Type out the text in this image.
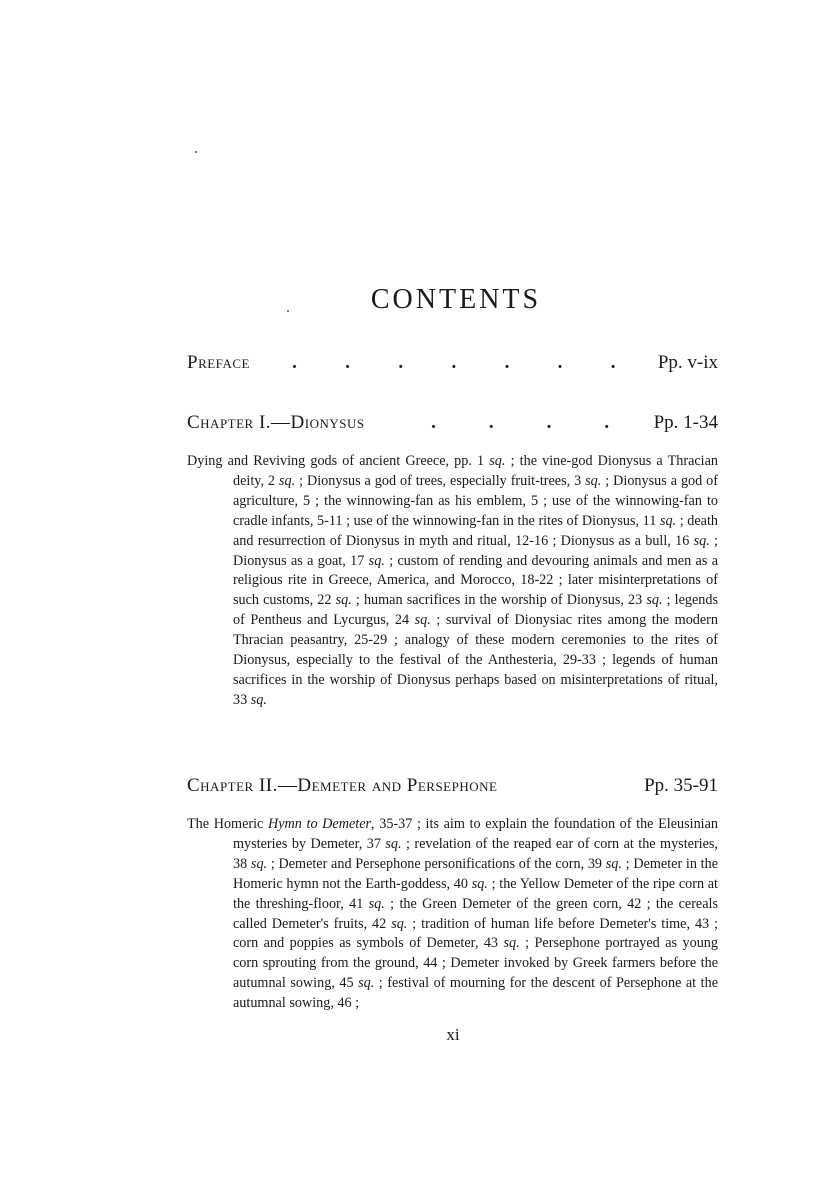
CONTENTS
Preface .	.	.	.	.	.	. Pp. v-ix
Chapter I.—Dionysus	.	.	.	. Pp. 1-34
Dying and Reviving gods of ancient Greece, pp. 1 sq. ; the vine-god Dionysus a Thracian deity, 2 sq. ; Dionysus a god of trees, especially fruit-trees, 3 sq. ; Dionysus a god of agriculture, 5 ; the winnowing-fan as his emblem, 5 ; use of the winnowing-fan to cradle infants, 5-11 ; use of the winnowing-fan in the rites of Dionysus, 11 sq. ; death and resurrection of Dionysus in myth and ritual, 12-16 ; Dionysus as a bull, 16 sq. ; Dionysus as a goat, 17 sq. ; custom of rending and devouring animals and men as a religious rite in Greece, America, and Morocco, 18-22 ; later misinterpretations of such customs, 22 sq. ; human sacrifices in the worship of Dionysus, 23 sq. ; legends of Pentheus and Lycurgus, 24 sq. ; survival of Dionysiac rites among the modern Thracian peasantry, 25-29 ; analogy of these modern ceremonies to the rites of Dionysus, especially to the festival of the Anthesteria, 29-33 ; legends of human sacrifices in the worship of Dionysus perhaps based on misinterpretations of ritual, 33 sq.
Chapter II.—Demeter and Persephone	Pp. 35-91
The Homeric Hymn to Demeter, 35-37 ; its aim to explain the foundation of the Eleusinian mysteries by Demeter, 37 sq. ; revelation of the reaped ear of corn at the mysteries, 38 sq. ; Demeter and Persephone personifications of the corn, 39 sq. ; Demeter in the Homeric hymn not the Earth-goddess, 40 sq. ; the Yellow Demeter of the ripe corn at the threshing-floor, 41 sq. ; the Green Demeter of the green corn, 42 ; the cereals called Demeter's fruits, 42 sq. ; tradition of human life before Demeter's time, 43 ; corn and poppies as symbols of Demeter, 43 sq. ; Persephone portrayed as young corn sprouting from the ground, 44 ; Demeter invoked by Greek farmers before the autumnal sowing, 45 sq. ; festival of mourning for the descent of Persephone at the autumnal sowing, 46 ;
xi
